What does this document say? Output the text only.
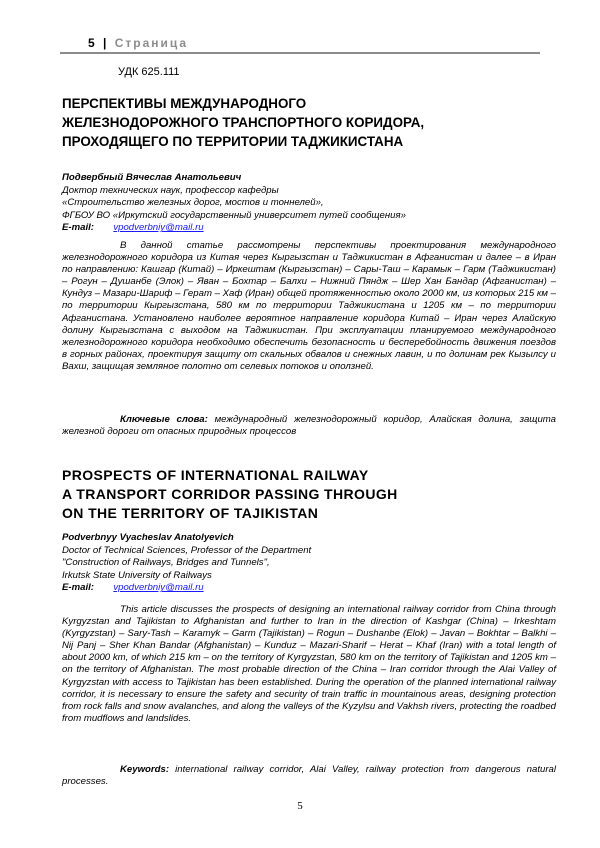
5 | Страница
УДК 625.111
ПЕРСПЕКТИВЫ МЕЖДУНАРОДНОГО
ЖЕЛЕЗНОДОРОЖНОГО ТРАНСПОРТНОГО КОРИДОРА,
ПРОХОДЯЩЕГО ПО ТЕРРИТОРИИ ТАДЖИКИСТАНА
Подвербный Вячеслав Анатольевич
Доктор технических наук, профессор кафедры
«Строительство железных дорог, мостов и тоннелей»,
ФГБОУ ВО «Иркутский государственный университет путей сообщения»
E-mail: vpodverbniy@mail.ru

В данной статье рассмотрены перспективы проектирования международного железнодорожного коридора из Китая через Кыргызстан и Таджикистан в Афганистан и далее – в Иран по направлению: Кашгар (Китай) – Иркештам (Кыргызстан) – Сары-Таш – Карамык – Гарм (Таджикистан) – Рогун – Душанбе (Элок) – Яван – Бохтар – Балхи – Нижний Пяндж – Шер Хан Бандар (Афганистан) – Кундуз – Мазари-Шариф – Герат – Хаф (Иран) общей протяженностью около 2000 км, из которых 215 км – по территории Кыргызстана, 580 км по территории Таджикистана и 1205 км – по территории Афганистана. Установлено наиболее вероятное направление коридора Китай – Иран через Алайскую долину Кыргызстана с выходом на Таджикистан. При эксплуатации планируемого международного железнодорожного коридора необходимо обеспечить безопасность и бесперебойность движения поездов в горных районах, проектируя защиту от скальных обвалов и снежных лавин, и по долинам рек Кызылсу и Вахш, защищая земляное полотно от селевых потоков и оползней.

Ключевые слова: международный железнодорожный коридор, Алайская долина, защита железной дороги от опасных природных процессов

PROSPECTS OF INTERNATIONAL RAILWAY
A TRANSPORT CORRIDOR PASSING THROUGH
ON THE TERRITORY OF TAJIKISTAN
Podverbnyy Vyacheslav Anatolyevich
Doctor of Technical Sciences, Professor of the Department
"Construction of Railways, Bridges and Tunnels",
Irkutsk State University of Railways
E-mail: vpodverbniy@mail.ru

This article discusses the prospects of designing an international railway corridor from China through Kyrgyzstan and Tajikistan to Afghanistan and further to Iran in the direction of Kashgar (China) – Irkeshtam (Kyrgyzstan) – Sary-Tash – Karamyk – Garm (Tajikistan) – Rogun – Dushanbe (Elok) – Javan – Bokhtar – Balkhi – Nij Panj – Sher Khan Bandar (Afghanistan) – Kunduz – Mazari-Sharif – Herat – Khaf (Iran) with a total length of about 2000 km, of which 215 km – on the territory of Kyrgyzstan, 580 km on the territory of Tajikistan and 1205 km – on the territory of Afghanistan. The most probable direction of the China – Iran corridor through the Alai Valley of Kyrgyzstan with access to Tajikistan has been established. During the operation of the planned international railway corridor, it is necessary to ensure the safety and security of train traffic in mountainous areas, designing protection from rock falls and snow avalanches, and along the valleys of the Kyzylsu and Vakhsh rivers, protecting the roadbed from mudflows and landslides.

Keywords: international railway corridor, Alai Valley, railway protection from dangerous natural processes.

5
